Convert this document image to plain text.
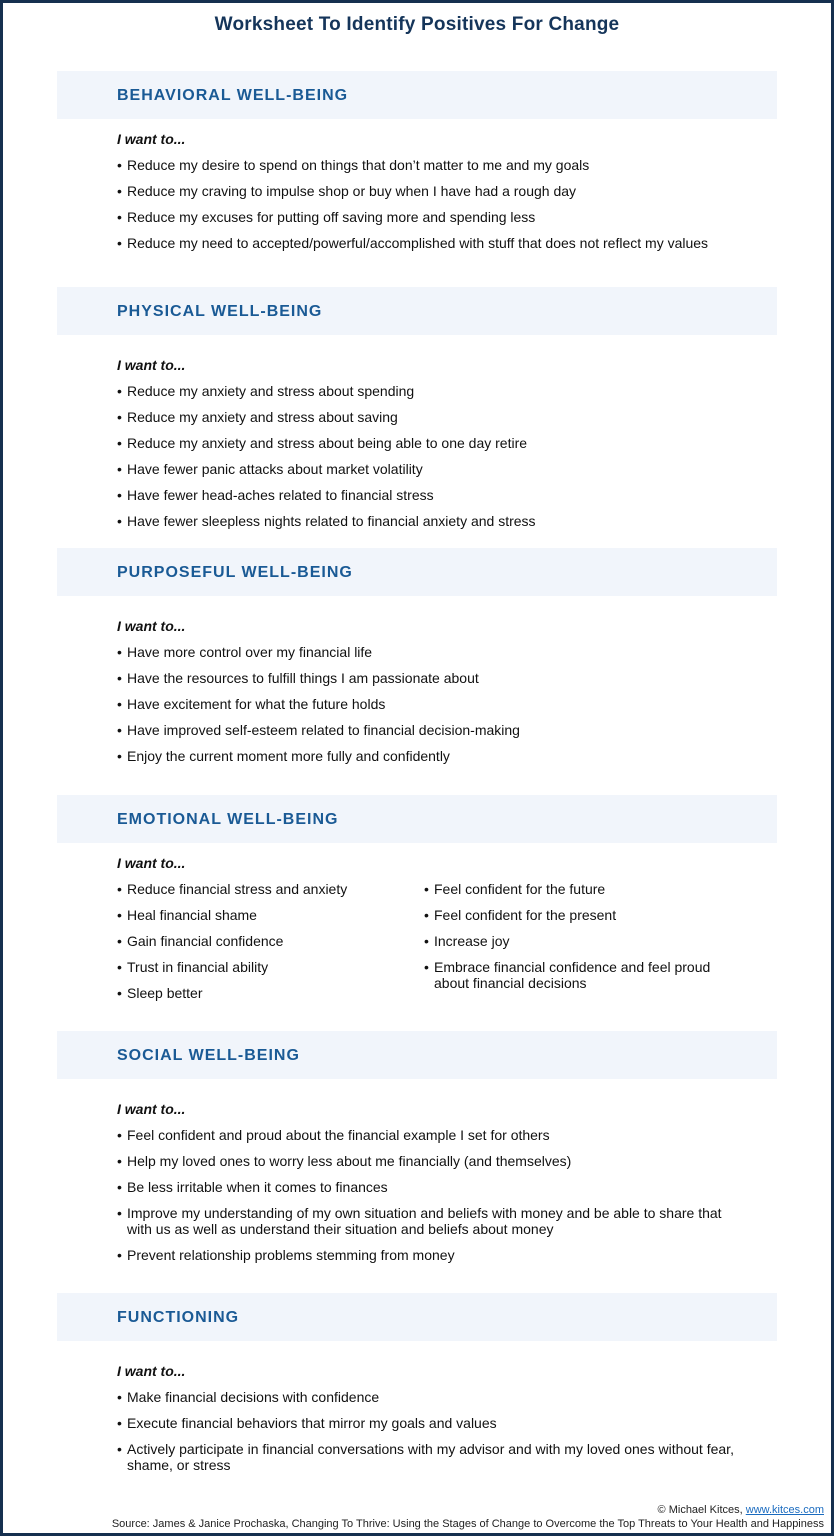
Worksheet To Identify Positives For Change
BEHAVIORAL WELL-BEING
I want to...
• Reduce my desire to spend on things that don’t matter to me and my goals
• Reduce my craving to impulse shop or buy when I have had a rough day
• Reduce my excuses for putting off saving more and spending less
• Reduce my need to accepted/powerful/accomplished with stuff that does not reflect my values
PHYSICAL WELL-BEING
I want to...
• Reduce my anxiety and stress about spending
• Reduce my anxiety and stress about saving
• Reduce my anxiety and stress about being able to one day retire
• Have fewer panic attacks about market volatility
• Have fewer head-aches related to financial stress
• Have fewer sleepless nights related to financial anxiety and stress
PURPOSEFUL WELL-BEING
I want to...
• Have more control over my financial life
• Have the resources to fulfill things I am passionate about
• Have excitement for what the future holds
• Have improved self-esteem related to financial decision-making
• Enjoy the current moment more fully and confidently
EMOTIONAL WELL-BEING
I want to...
• Reduce financial stress and anxiety
• Heal financial shame
• Gain financial confidence
• Trust in financial ability
• Sleep better
• Feel confident for the future
• Feel confident for the present
• Increase joy
• Embrace financial confidence and feel proud about financial decisions
SOCIAL WELL-BEING
I want to...
• Feel confident and proud about the financial example I set for others
• Help my loved ones to worry less about me financially (and themselves)
• Be less irritable when it comes to finances
• Improve my understanding of my own situation and beliefs with money and be able to share that with us as well as understand their situation and beliefs about money
• Prevent relationship problems stemming from money
FUNCTIONING
I want to...
• Make financial decisions with confidence
• Execute financial behaviors that mirror my goals and values
• Actively participate in financial conversations with my advisor and with my loved ones without fear, shame, or stress
© Michael Kitces, www.kitces.com
Source: James & Janice Prochaska, Changing To Thrive: Using the Stages of Change to Overcome the Top Threats to Your Health and Happiness
